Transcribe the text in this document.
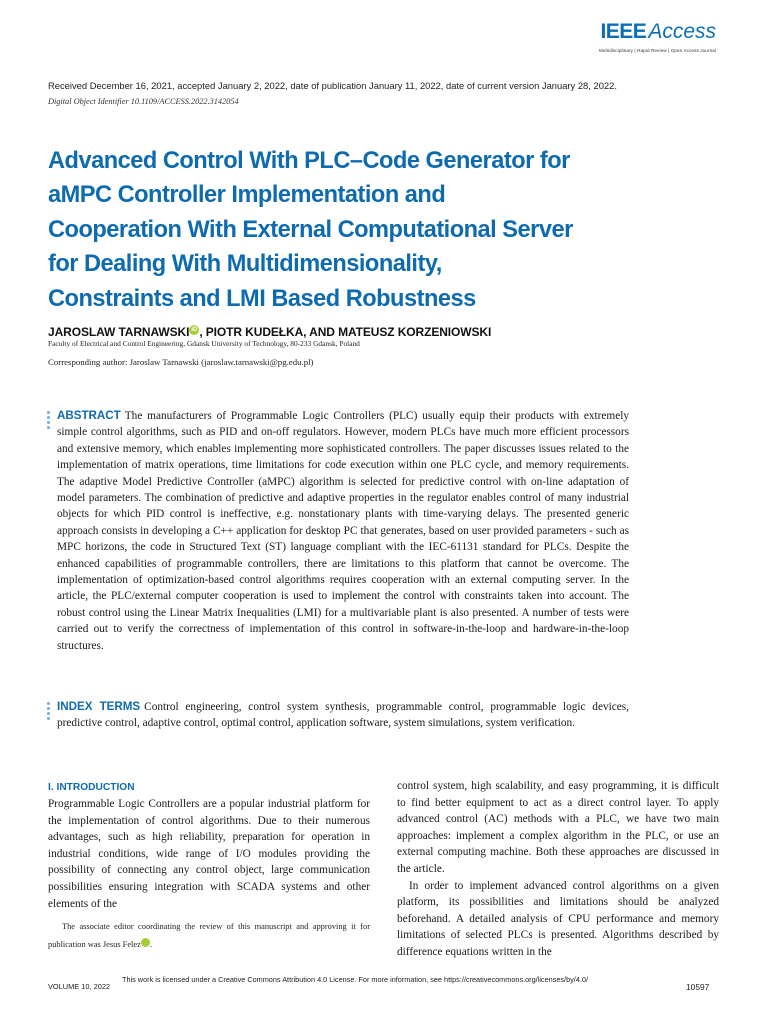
IEEEAccess
Multidisciplinary | Rapid Review | Open Access Journal
Received December 16, 2021, accepted January 2, 2022, date of publication January 11, 2022, date of current version January 28, 2022.
Digital Object Identifier 10.1109/ACCESS.2022.3142054
Advanced Control With PLC–Code Generator for
aMPC Controller Implementation and
Cooperation With External Computational Server
for Dealing With Multidimensionality,
Constraints and LMI Based Robustness
JAROSLAW TARNAWSKI iD , PIOTR KUDEŁKA, AND MATEUSZ KORZENIOWSKI
Faculty of Electrical and Control Engineering, Gdansk University of Technology, 80-233 Gdansk, Poland
Corresponding author: Jaroslaw Tarnawski (jaroslaw.tarnawski@pg.edu.pl)
ABSTRACT The manufacturers of Programmable Logic Controllers (PLC) usually equip their products with extremely simple control algorithms, such as PID and on-off regulators. However, modern PLCs have much more efficient processors and extensive memory, which enables implementing more sophisticated controllers. The paper discusses issues related to the implementation of matrix operations, time limitations for code execution within one PLC cycle, and memory requirements. The adaptive Model Predictive Controller (aMPC) algorithm is selected for predictive control with on-line adaptation of model parameters. The combination of predictive and adaptive properties in the regulator enables control of many industrial objects for which PID control is ineffective, e.g. nonstationary plants with time-varying delays. The presented generic approach consists in developing a C++ application for desktop PC that generates, based on user provided parameters - such as MPC horizons, the code in Structured Text (ST) language compliant with the IEC-61131 standard for PLCs. Despite the enhanced capabilities of programmable controllers, there are limitations to this platform that cannot be overcome. The implementation of optimization-based control algorithms requires cooperation with an external computing server. In the article, the PLC/external computer cooperation is used to implement the control with constraints taken into account. The robust control using the Linear Matrix Inequalities (LMI) for a multivariable plant is also presented. A number of tests were carried out to verify the correctness of implementation of this control in software-in-the-loop and hardware-in-the-loop structures.
INDEX TERMS Control engineering, control system synthesis, programmable control, programmable logic devices, predictive control, adaptive control, optimal control, application software, system simulations, system verification.
I. INTRODUCTION

Programmable Logic Controllers are a popular industrial platform for the implementation of control algorithms. Due to their numerous advantages, such as high reliability, preparation for operation in industrial conditions, wide range of I/O modules providing the possibility of connecting any control object, large communication possibilities ensuring integration with SCADA systems and other elements of the

The associate editor coordinating the review of this manuscript and approving it for publication was Jesus Felez	iD.

control system, high scalability, and easy programming, it is difficult to find better equipment to act as a direct control layer. To apply advanced control (AC) methods with a PLC, we have two main approaches: implement a complex algorithm in the PLC, or use an external computing machine. Both these approaches are discussed in the article.

In order to implement advanced control algorithms on a given platform, its possibilities and limitations should be analyzed beforehand. A detailed analysis of CPU performance and memory limitations of selected PLCs is presented. Algorithms described by difference equations written in the

VOLUME 10, 2022
This work is licensed under a Creative Commons Attribution 4.0 License. For more information, see https://creativecommons.org/licenses/by/4.0/
10597
